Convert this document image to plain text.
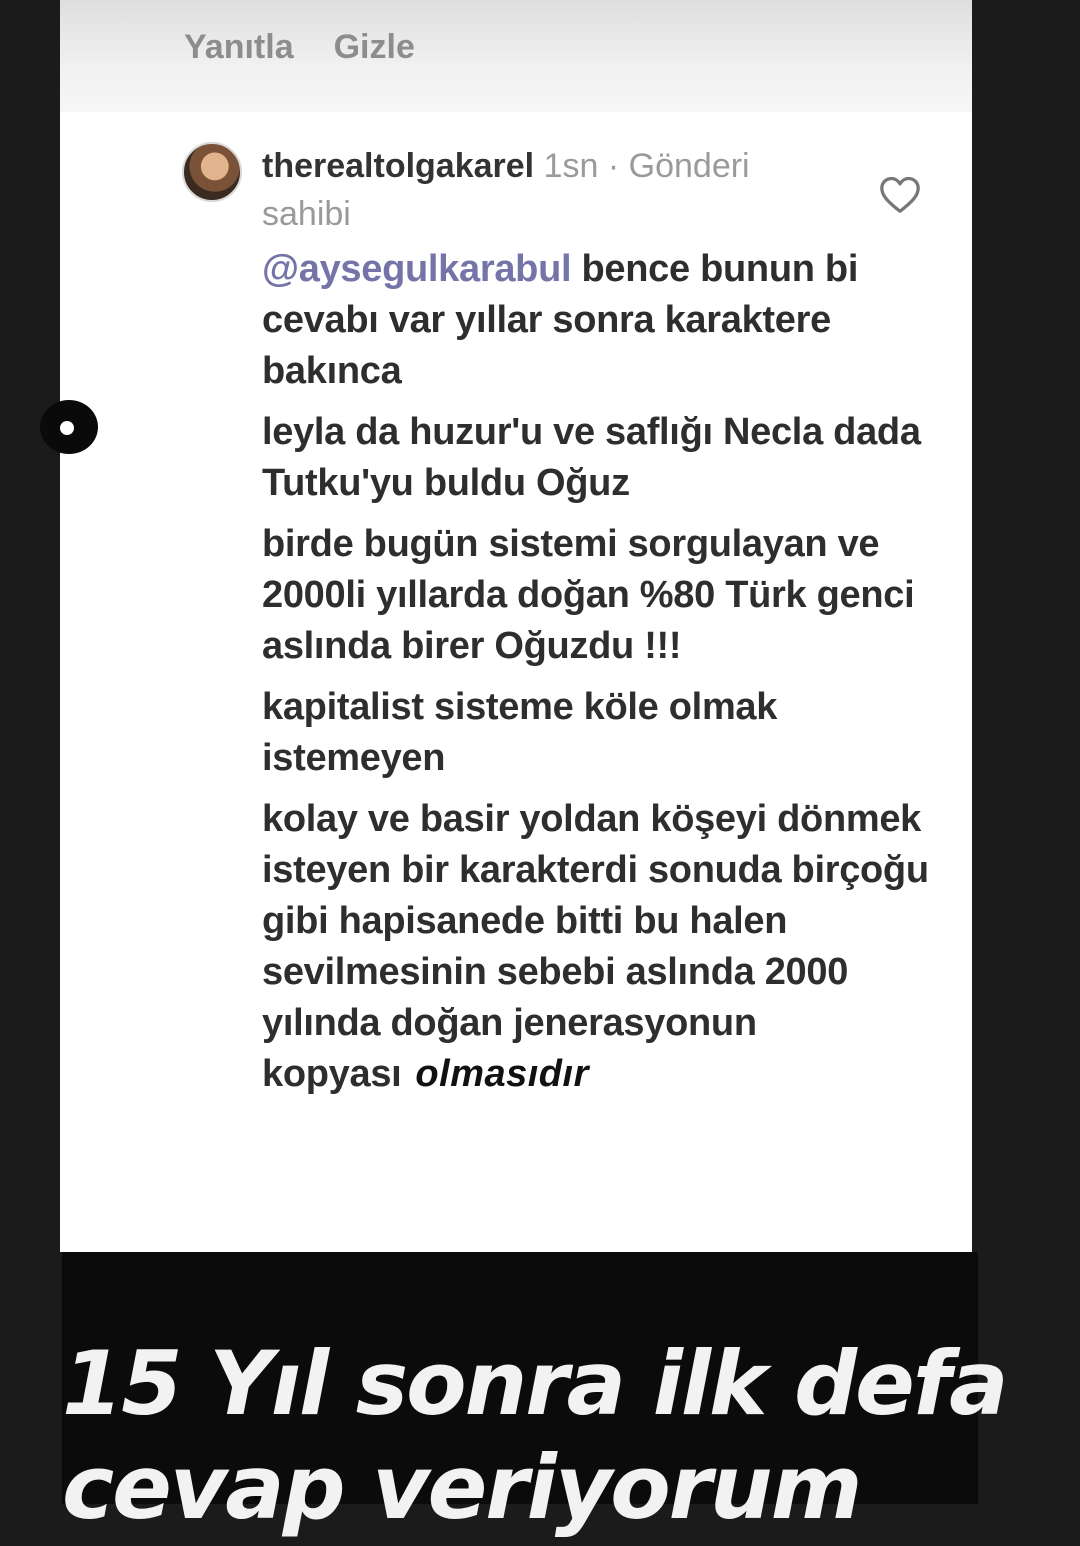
Yanıtla Gizle
therealtolgakarel 1sn · Gönderi sahibi

@aysegulkarabul bence bunun bi cevabı var yıllar sonra karaktere bakınca

leyla da huzur'u ve saflığı Necla dada Tutku'yu buldu Oğuz

birde bugün sistemi sorgulayan ve 2000li yıllarda doğan %80 Türk genci aslında birer Oğuzdu !!!

kapitalist sisteme köle olmak istemeyen

kolay ve basir yoldan köşeyi dönmek isteyen bir karakterdi sonuda birçoğu gibi hapisanede bitti bu halen sevilmesinin sebebi aslında 2000 yılında doğan jenerasyonun kopyası olmasıdır

15 Yıl sonra ilk defa
cevap veriyorum
